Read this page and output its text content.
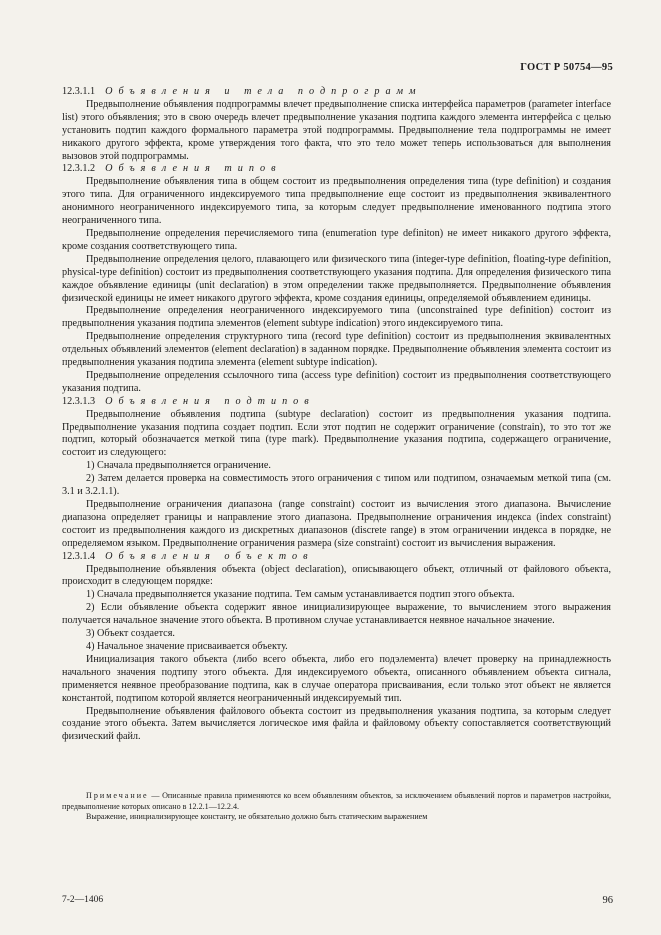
ГОСТ Р 50754—95
12.3.1.1 Объявления и тела подпрограмм

Предвыполнение объявления подпрограммы влечет предвыполнение списка интерфейса параметров (parameter interface list) этого объявления; это в свою очередь влечет предвыполнение указания подтипа каждого элемента интерфейса с целью установить подтип каждого формального параметра этой подпрограммы. Предвыполнение тела подпрограммы не имеет никакого другого эффекта, кроме утверждения того факта, что это тело может теперь использоваться для выполнения вызовов этой подпрограммы.

12.3.1.2 Объявления типов

Предвыполнение объявления типа в общем состоит из предвыполнения определения типа (type definition) и создания этого типа. Для ограниченного индексируемого типа предвыполнение еще состоит из предвыполнения эквивалентного анонимного неограниченного индексируемого типа, за которым следует предвыполнение именованного подтипа этого неограниченного типа.

Предвыполнение определения перечисляемого типа (enumeration type definiton) не имеет никакого другого эффекта, кроме создания соответствующего типа.

Предвыполнение определения целого, плавающего или физического типа (integer-type definition, floating-type definition, physical-type definition) состоит из предвыполнения соответствующего указания подтипа. Для определения физического типа каждое объявление единицы (unit declaration) в этом определении также предвыполняется. Предвыполнение объявления физической единицы не имеет никакого другого эффекта, кроме создания единицы, определяемой объявлением единицы.

Предвыполнение определения неограниченного индексируемого типа (unconstrained type definition) состоит из предвыполнения указания подтипа элементов (element subtype indication) этого индексируемого типа.

Предвыполнение определения структурного типа (record type definition) состоит из предвыполнения эквивалентных отдельных объявлений элементов (element declaration) в заданном порядке. Предвыполнение объявления элемента состоит из предвыполнения указания подтипа элемента (element subtype indication).

Предвыполнение определения ссылочного типа (access type definition) состоит из предвыполнения соответствующего указания подтипа.

12.3.1.3 Объявления подтипов

Предвыполнение объявления подтипа (subtype declaration) состоит из предвыполнения указания подтипа. Предвыполнение указания подтипа создает подтип. Если этот подтип не содержит ограничение (constrain), то это тот же подтип, который обозначается меткой типа (type mark). Предвыполнение указания подтипа, содержащего ограничение, состоит из следующего:

1) Сначала предвыполняется ограничение.

2) Затем делается проверка на совместимость этого ограничения с типом или подтипом, означаемым меткой типа (см. 3.1 и 3.2.1.1).

Предвыполнение ограничения диапазона (range constraint) состоит из вычисления этого диапазона. Вычисление диапазона определяет границы и направление этого диапазона. Предвыполнение ограничения индекса (index constraint) состоит из предвыполнения каждого из дискретных диапазонов (discrete range) в этом ограничении индекса в порядке, не определяемом языком. Предвыполнение ограничения размера (size constraint) состоит из вычисления выражения.

12.3.1.4 Объявления объектов

Предвыполнение объявления объекта (object declaration), описывающего объект, отличный от файлового объекта, происходит в следующем порядке:

1) Сначала предвыполняется указание подтипа. Тем самым устанавливается подтип этого объекта.

2) Если объявление объекта содержит явное инициализирующее выражение, то вычислением этого выражения получается начальное значение этого объекта. В противном случае устанавливается неявное начальное значение.

3) Объект создается.

4) Начальное значение присваивается объекту.

Инициализация такого объекта (либо всего объекта, либо его подэлемента) влечет проверку на принадлежность начального значения подтипу этого объекта. Для индексируемого объекта, описанного объявлением объекта сигнала, применяется неявное преобразование подтипа, как в случае оператора присваивания, если только этот объект не является константой, подтипом которой является неограниченный индексируемый тип.

Предвыполнение объявления файлового объекта состоит из предвыполнения указания подтипа, за которым следует создание этого объекта. Затем вычисляется логическое имя файла и файловому объекту сопоставляется соответствующий физический файл.

Примечание — Описанные правила применяются ко всем объявлениям объектов, за исключением объявлений портов и параметров настройки, предвыполнение которых описано в 12.2.1—12.2.4.

Выражение, инициализирующее константу, не обязательно должно быть статическим выражением

7-2—1406	96
